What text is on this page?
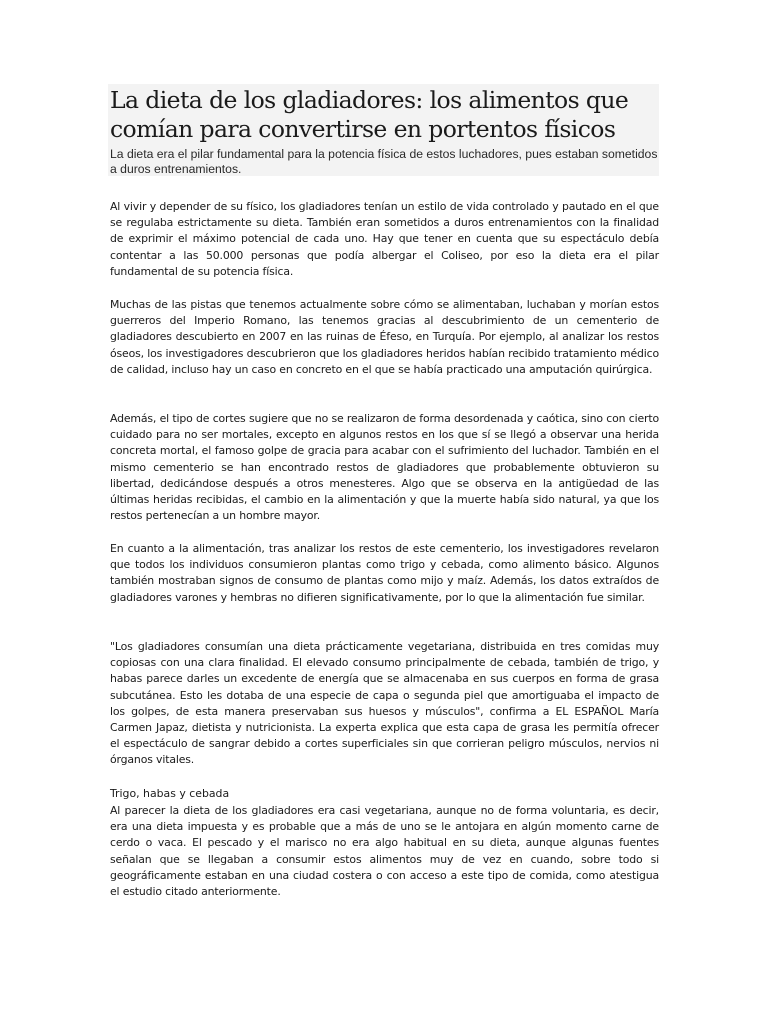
La dieta de los gladiadores: los alimentos que comían para convertirse en portentos físicos

La dieta era el pilar fundamental para la potencia física de estos luchadores, pues estaban sometidos a duros entrenamientos.

Al vivir y depender de su físico, los gladiadores tenían un estilo de vida controlado y pautado en el que se regulaba estrictamente su dieta. También eran sometidos a duros entrenamientos con la finalidad de exprimir el máximo potencial de cada uno. Hay que tener en cuenta que su espectáculo debía contentar a las 50.000 personas que podía albergar el Coliseo, por eso la dieta era el pilar fundamental de su potencia física.

Muchas de las pistas que tenemos actualmente sobre cómo se alimentaban, luchaban y morían estos guerreros del Imperio Romano, las tenemos gracias al descubrimiento de un cementerio de gladiadores descubierto en 2007 en las ruinas de Éfeso, en Turquía. Por ejemplo, al analizar los restos óseos, los investigadores descubrieron que los gladiadores heridos habían recibido tratamiento médico de calidad, incluso hay un caso en concreto en el que se había practicado una amputación quirúrgica.

Además, el tipo de cortes sugiere que no se realizaron de forma desordenada y caótica, sino con cierto cuidado para no ser mortales, excepto en algunos restos en los que sí se llegó a observar una herida concreta mortal, el famoso golpe de gracia para acabar con el sufrimiento del luchador. También en el mismo cementerio se han encontrado restos de gladiadores que probablemente obtuvieron su libertad, dedicándose después a otros menesteres. Algo que se observa en la antigüedad de las últimas heridas recibidas, el cambio en la alimentación y que la muerte había sido natural, ya que los restos pertenecían a un hombre mayor.

En cuanto a la alimentación, tras analizar los restos de este cementerio, los investigadores revelaron que todos los individuos consumieron plantas como trigo y cebada, como alimento básico. Algunos también mostraban signos de consumo de plantas como mijo y maíz. Además, los datos extraídos de gladiadores varones y hembras no difieren significativamente, por lo que la alimentación fue similar.

"Los gladiadores consumían una dieta prácticamente vegetariana, distribuida en tres comidas muy copiosas con una clara finalidad. El elevado consumo principalmente de cebada, también de trigo, y habas parece darles un excedente de energía que se almacenaba en sus cuerpos en forma de grasa subcutánea. Esto les dotaba de una especie de capa o segunda piel que amortiguaba el impacto de los golpes, de esta manera preservaban sus huesos y músculos", confirma a EL ESPAÑOL María Carmen Japaz, dietista y nutricionista. La experta explica que esta capa de grasa les permitía ofrecer el espectáculo de sangrar debido a cortes superficiales sin que corrieran peligro músculos, nervios ni órganos vitales.

Trigo, habas y cebada

Al parecer la dieta de los gladiadores era casi vegetariana, aunque no de forma voluntaria, es decir, era una dieta impuesta y es probable que a más de uno se le antojara en algún momento carne de cerdo o vaca. El pescado y el marisco no era algo habitual en su dieta, aunque algunas fuentes señalan que se llegaban a consumir estos alimentos muy de vez en cuando, sobre todo si geográficamente estaban en una ciudad costera o con acceso a este tipo de comida, como atestigua el estudio citado anteriormente.
